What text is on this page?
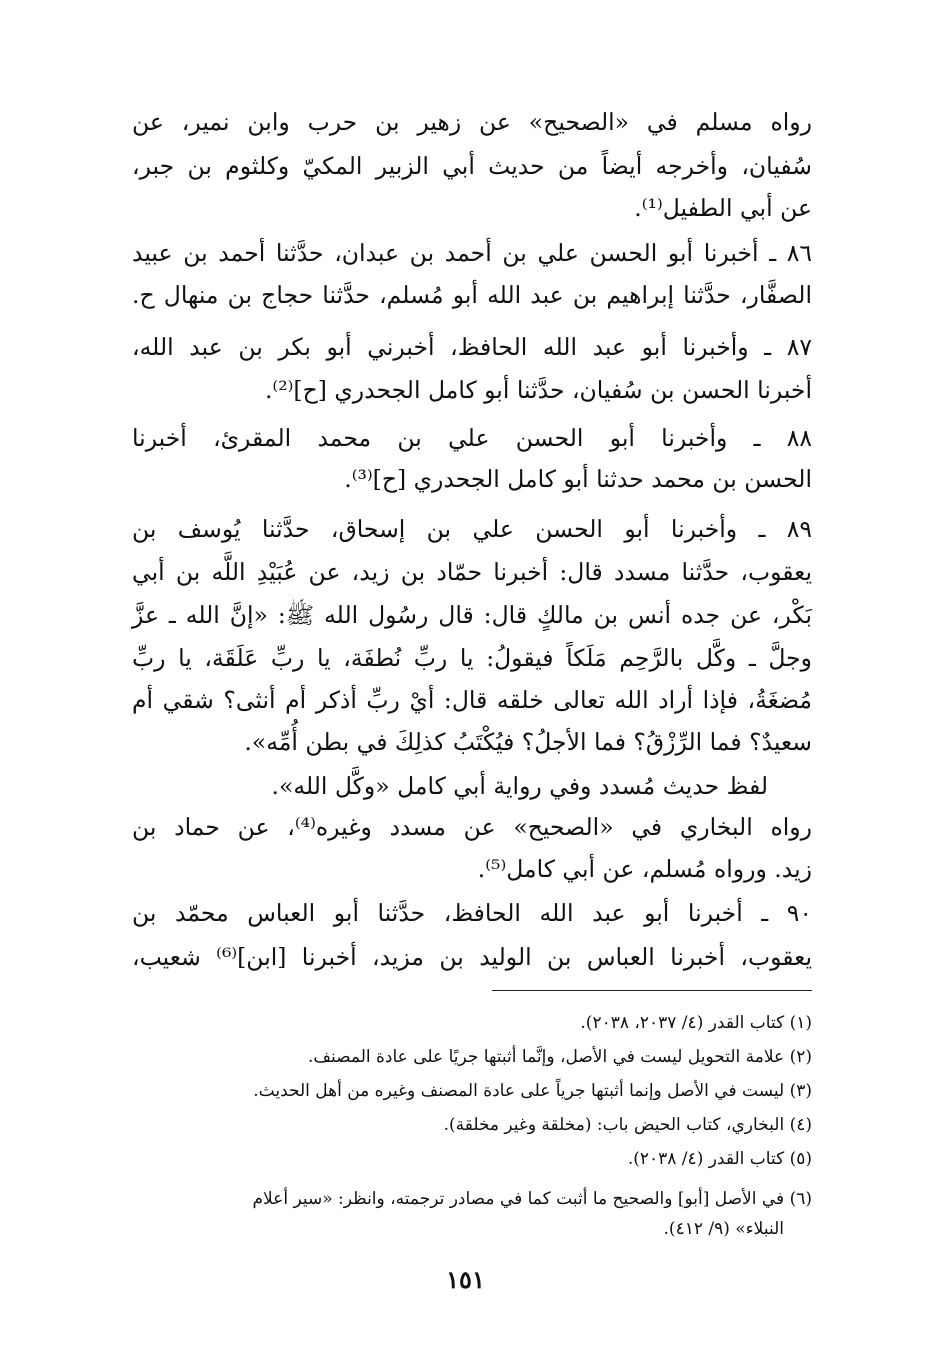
رواه مسلم في «الصحيح» عن زهير بن حرب وابن نمير، عن
سُفيان، وأخرجه أيضاً من حديث أبي الزبير المكيّ وكلثوم بن جبر،
عن أبي الطفيل⁽¹⁾.
٨٦ ـ أخبرنا أبو الحسن علي بن أحمد بن عبدان، حدَّثنا أحمد بن عبيد
الصفَّار، حدَّثنا إبراهيم بن عبد الله أبو مُسلم، حدَّثنا حجاج بن منهال ح.
٨٧ ـ وأخبرنا أبو عبد الله الحافظ، أخبرني أبو بكر بن عبد الله،
أخبرنا الحسن بن سُفيان، حدَّثنا أبو كامل الجحدري [ح]⁽²⁾.
٨٨ ـ وأخبرنا أبو الحسن علي بن محمد المقرئ، أخبرنا
الحسن بن محمد حدثنا أبو كامل الجحدري [ح]⁽³⁾.
٨٩ ـ وأخبرنا أبو الحسن علي بن إسحاق، حدَّثنا يُوسف بن
يعقوب، حدَّثنا مسدد قال: أخبرنا حمّاد بن زيد، عن عُبَيْدِ اللَّه بن أبي
بَكْر، عن جده أنس بن مالكٍ قال: قال رسُول الله ﷺ: «إنَّ الله ـ عزَّ
وجلَّ ـ وكَّل بالرَّحِم مَلَكاً فيقولُ: يا ربِّ نُطفَة، يا ربِّ عَلَقَة، يا ربِّ
مُضغَةُ، فإذا أراد الله تعالى خلقه قال: أيْ ربِّ أذكر أم أنثى؟ شقي أم
سعيدٌ؟ فما الرِّزْقُ؟ فما الأجلُ؟ فيُكْتَبُ كذلِكَ في بطن أُمِّه».
لفظ حديث مُسدد وفي رواية أبي كامل «وكَّل الله».
رواه البخاري في «الصحيح» عن مسدد وغيره⁽⁴⁾، عن حماد بن
زيد. ورواه مُسلم، عن أبي كامل⁽⁵⁾.
٩٠ ـ أخبرنا أبو عبد الله الحافظ، حدَّثنا أبو العباس محمّد بن
يعقوب، أخبرنا العباس بن الوليد بن مزيد، أخبرنا [ابن]⁽⁶⁾ شعيب،
(١) كتاب القدر (٤/ ٢٠٣٧، ٢٠٣٨).
(٢) علامة التحويل ليست في الأصل، وإنَّما أثبتها جريًا على عادة المصنف.
(٣) ليست في الأصل وإنما أثبتها جرياً على عادة المصنف وغيره من أهل الحديث.
(٤) البخاري، كتاب الحيض باب: (مخلقة وغير مخلقة).
(٥) كتاب القدر (٤/ ٢٠٣٨).
(٦) في الأصل [أبو] والصحيح ما أثبت كما في مصادر ترجمته، وانظر: «سير أعلام
النبلاء» (٩/ ٤١٢).
١٥١
